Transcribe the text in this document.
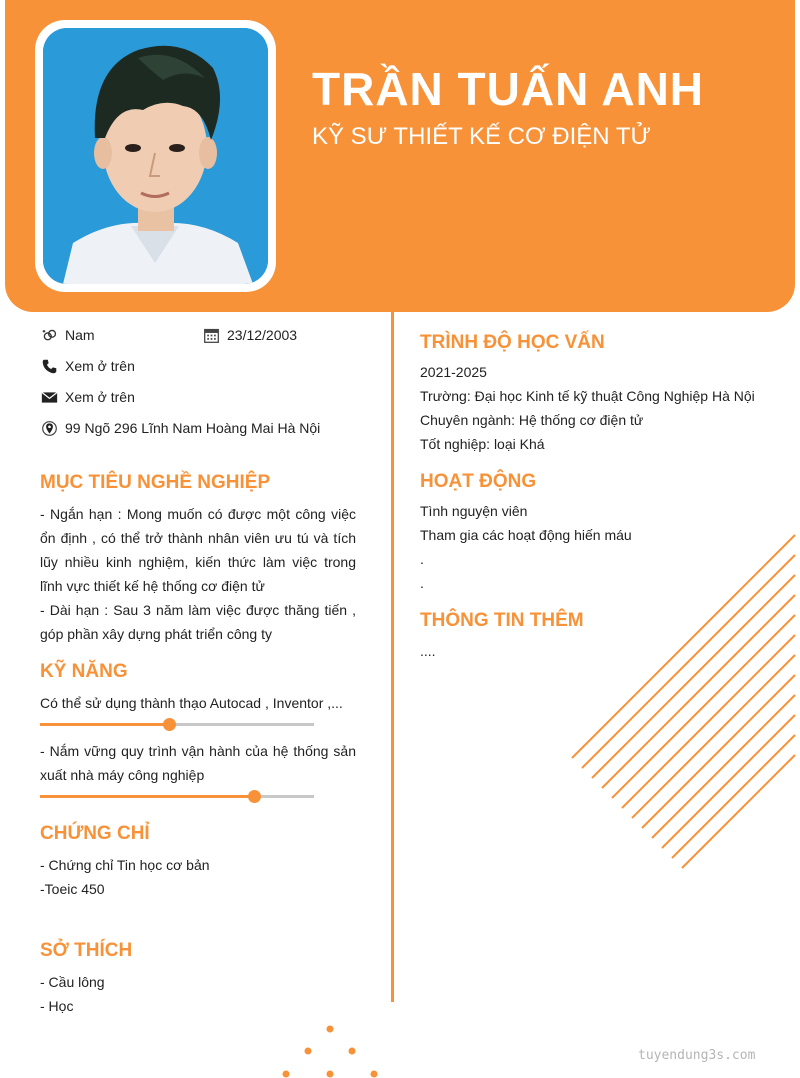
TRẦN TUẤN ANH
KỸ SƯ THIẾT KẾ CƠ ĐIỆN TỬ
Nam	23/12/2003
Xem ở trên
Xem ở trên
99 Ngõ 296 Lĩnh Nam Hoàng Mai Hà Nội
MỤC TIÊU NGHỀ NGHIỆP

- Ngắn hạn : Mong muốn có được một công việc ổn định , có thể trở thành nhân viên ưu tú và tích lũy nhiều kinh nghiệm, kiến thức làm việc trong lĩnh vực thiết kế hệ thống cơ điện tử

- Dài hạn : Sau 3 năm làm việc được thăng tiến , góp phần xây dựng phát triển công ty

KỸ NĂNG
Có thể sử dụng thành thạo Autocad , Inventor ,...

- Nắm vững quy trình vận hành của hệ thống sản xuất nhà máy công nghiệp

CHỨNG CHỈ
- Chứng chỉ Tin học cơ bản
-Toeic 450
SỞ THÍCH
- Cầu lông
- Học
TRÌNH ĐỘ HỌC VẤN
2021-2025
Trường: Đại học Kinh tế kỹ thuật Công Nghiệp Hà Nội
Chuyên ngành: Hệ thống cơ điện tử
Tốt nghiệp: loại Khá
HOẠT ĐỘNG
Tình nguyện viên
Tham gia các hoạt động hiến máu
.
.
THÔNG TIN THÊM
....
tuyendung3s.com
